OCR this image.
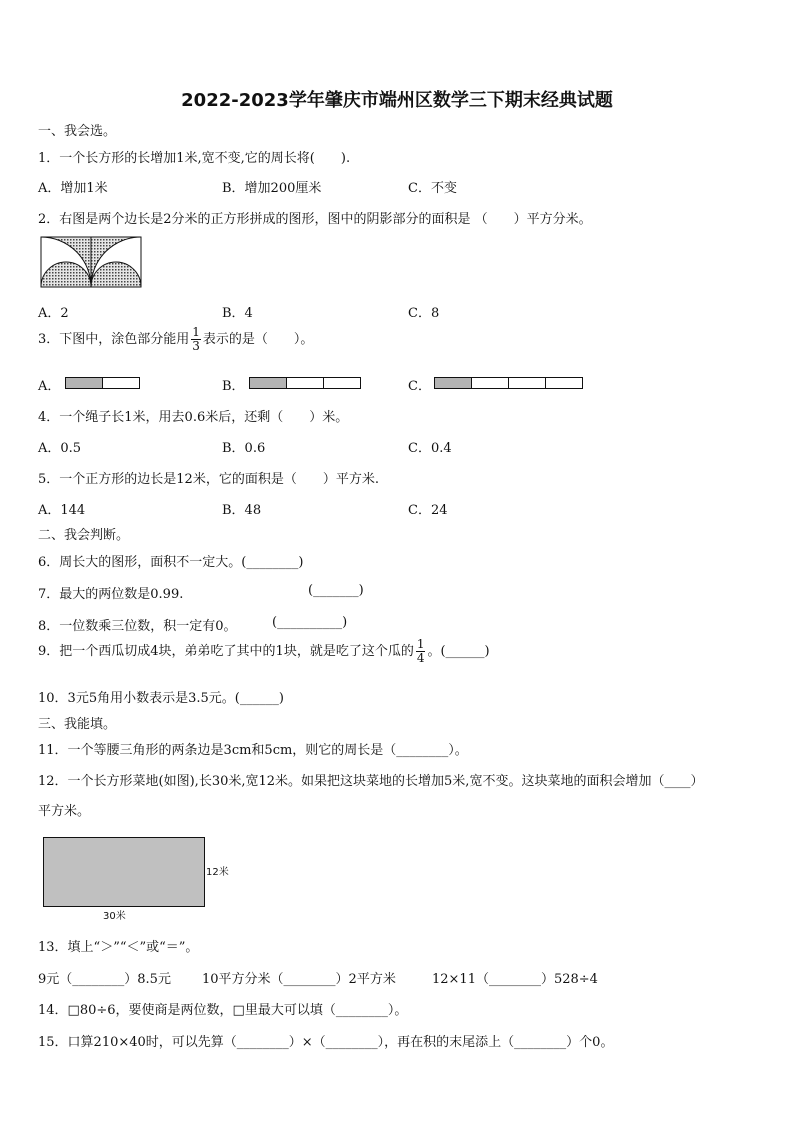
2022-2023学年肇庆市端州区数学三下期末经典试题
一、我会选。
1．一个长方形的长增加1米,宽不变,它的周长将(　　).
A．增加1米	B．增加200厘米	C．不变
2．右图是两个边长是2分米的正方形拼成的图形，图中的阴影部分的面积是 （　　）平方分米。
A．2	B．4	C．8
3．下图中，涂色部分能用 $\frac{1}{3}$ 表示的是（　　）。
A．	B．	C．
4．一个绳子长1米，用去0.6米后，还剩（　　）米。
A．0.5	B．0.6	C．0.4
5．一个正方形的边长是12米，它的面积是（　　）平方米.
A．144	B．48	C．24
二、我会判断。
6．周长大的图形，面积不一定大。(________)
7．最大的两位数是0.99.	(_______)
8．一位数乘三位数，积一定有0。	(__________)
9．把一个西瓜切成4块，弟弟吃了其中的1块，就是吃了这个瓜的 $\frac{1}{4}$ 。(______)
10．3元5角用小数表示是3.5元。(______)
三、我能填。
11．一个等腰三角形的两条边是3cm和5cm，则它的周长是（________）。
12．一个长方形菜地(如图),长30米,宽12米。如果把这块菜地的长增加5米,宽不变。这块菜地的面积会增加（____）
平方米。
12米
30米
13．填上“＞”“＜”或“＝”。
9元（________）8.5元 10平方分米（________）2平方米	12×11（________）528÷4
14．□80÷6，要使商是两位数，□里最大可以填（________）。
15．口算210×40时，可以先算（________）×（________），再在积的末尾添上（________）个0。
